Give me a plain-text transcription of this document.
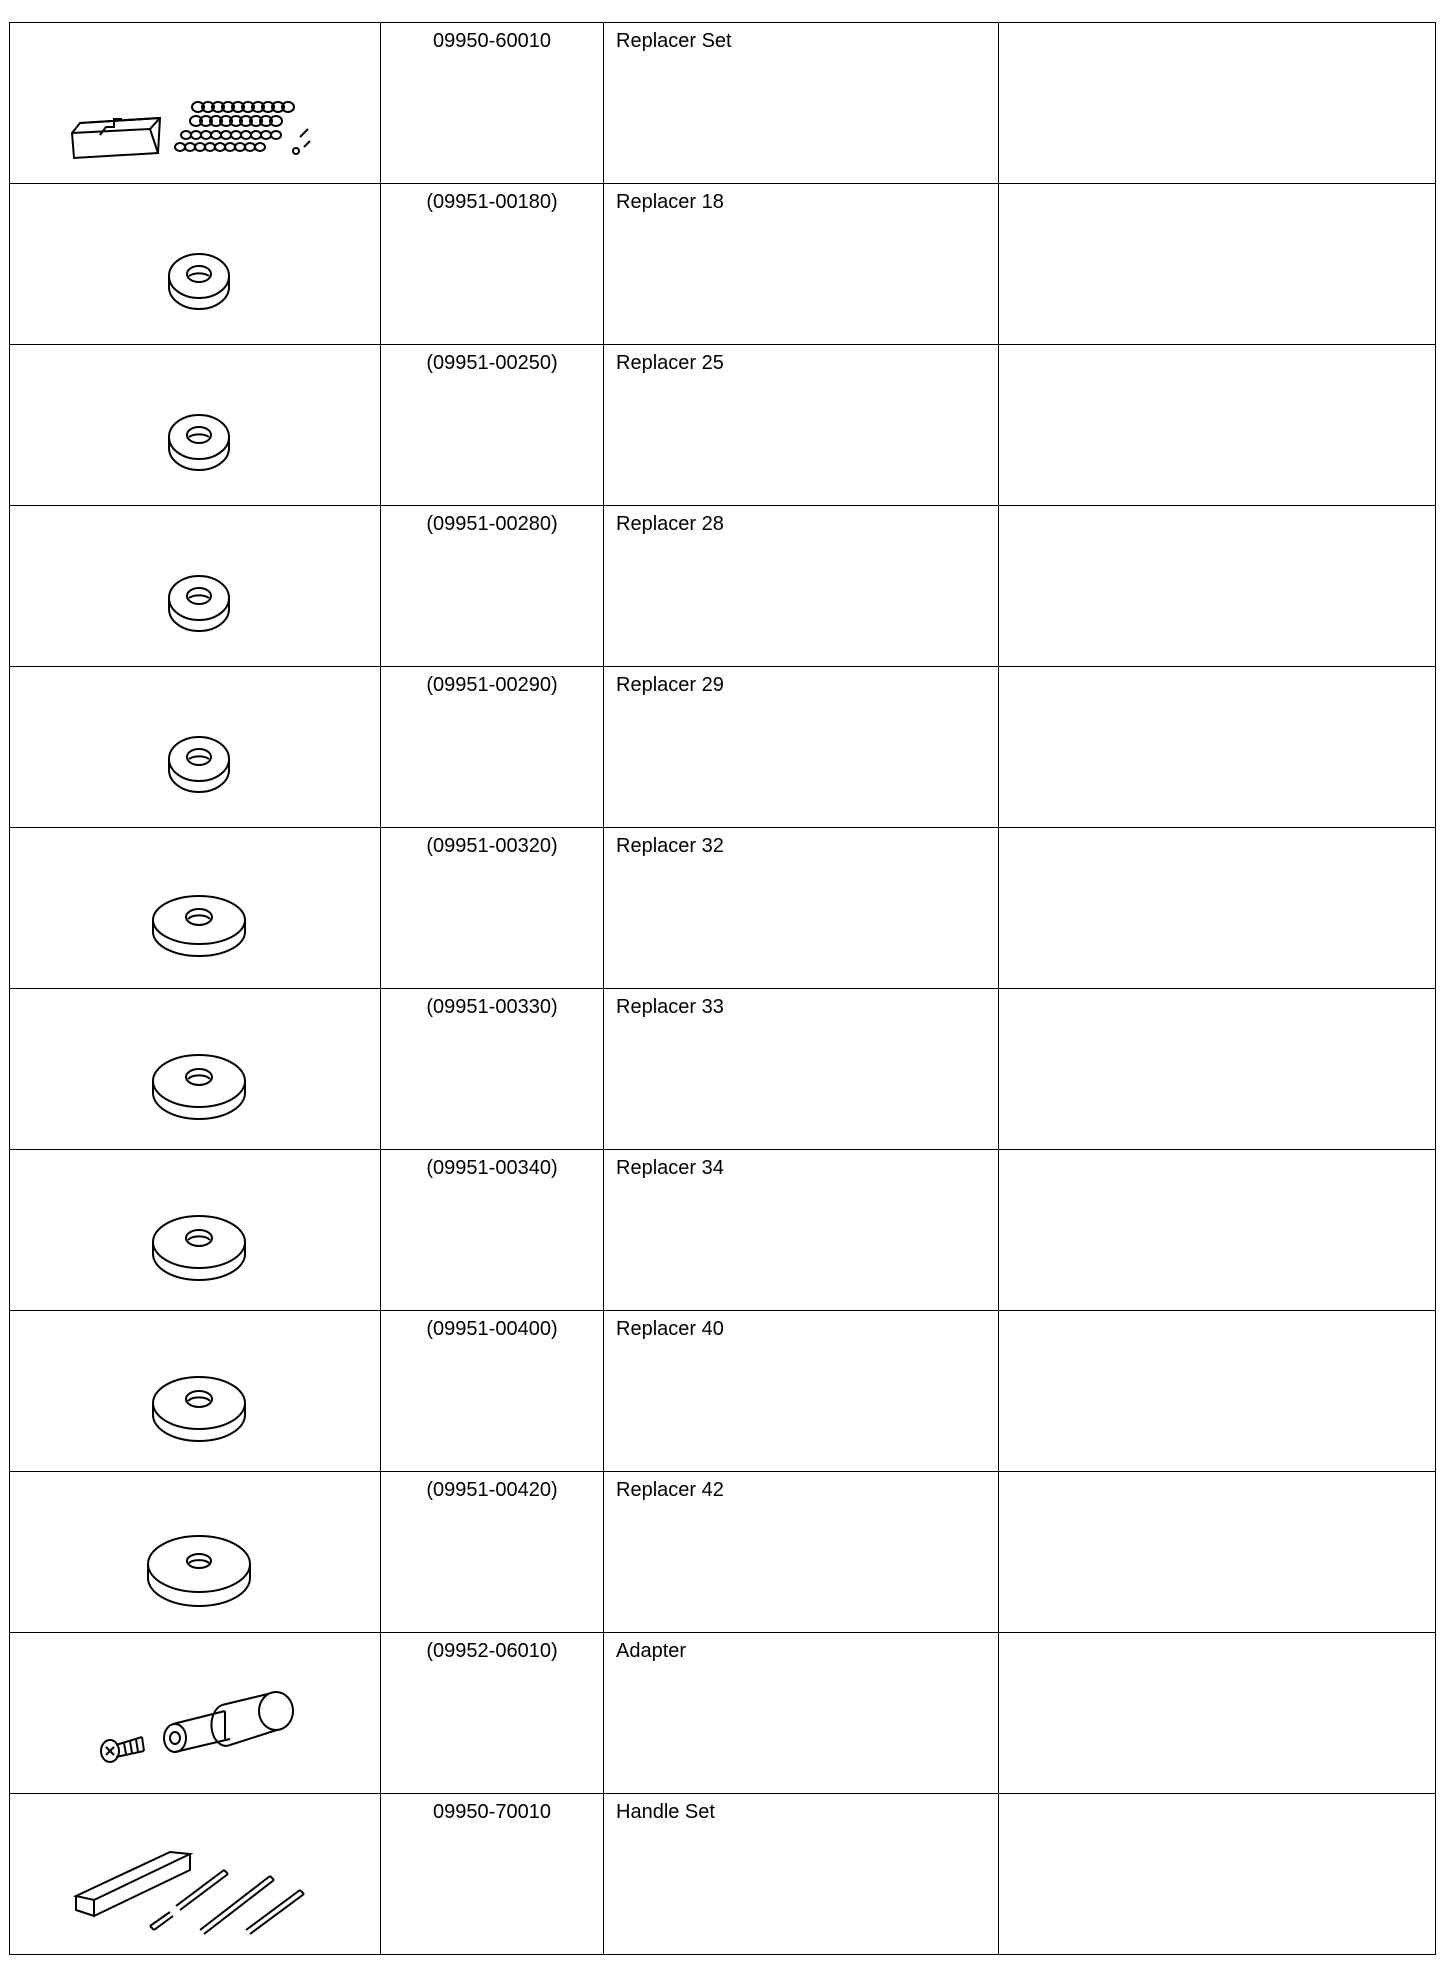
09950-60010	Replacer Set	

(09951-00180)	Replacer 18	

(09951-00250)	Replacer 25	

(09951-00280)	Replacer 28	

(09951-00290)	Replacer 29	

(09951-00320)	Replacer 32	

(09951-00330)	Replacer 33	

(09951-00340)	Replacer 34	

(09951-00400)	Replacer 40	

(09951-00420)	Replacer 42	

(09952-06010)	Adapter	

09950-70010	Handle Set	
